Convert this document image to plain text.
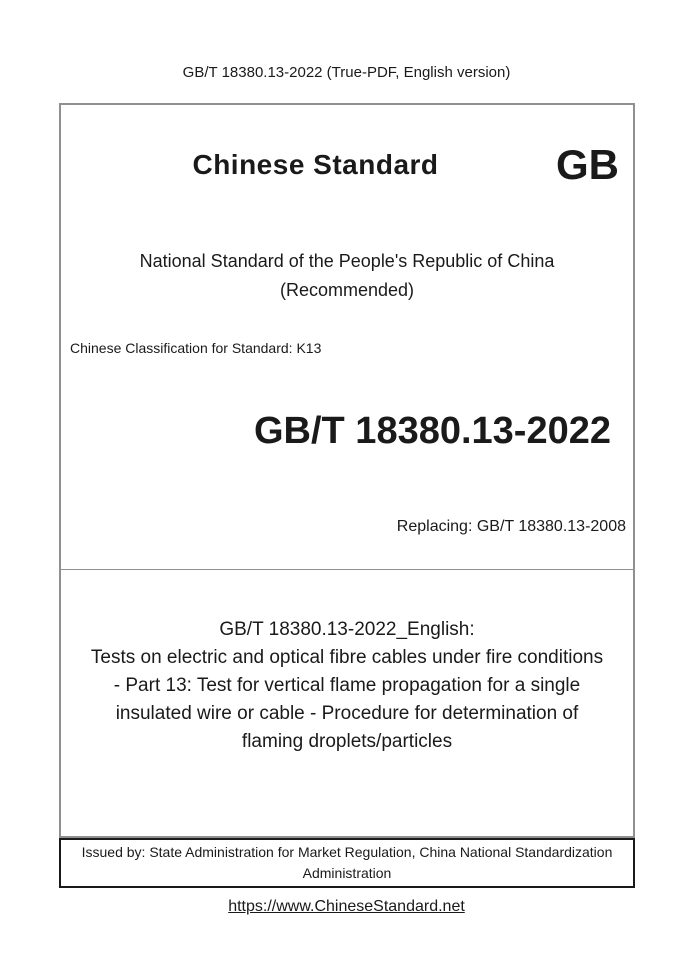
GB/T 18380.13-2022 (True-PDF, English version)
Chinese Standard	GB
National Standard of the People's Republic of China
(Recommended)
Chinese Classification for Standard: K13
GB/T 18380.13-2022
Replacing: GB/T 18380.13-2008
GB/T 18380.13-2022_English:
Tests on electric and optical fibre cables under fire conditions
- Part 13: Test for vertical flame propagation for a single
insulated wire or cable - Procedure for determination of
flaming droplets/particles
Issued by: State Administration for Market Regulation, China National Standardization Administration
https://www.ChineseStandard.net
